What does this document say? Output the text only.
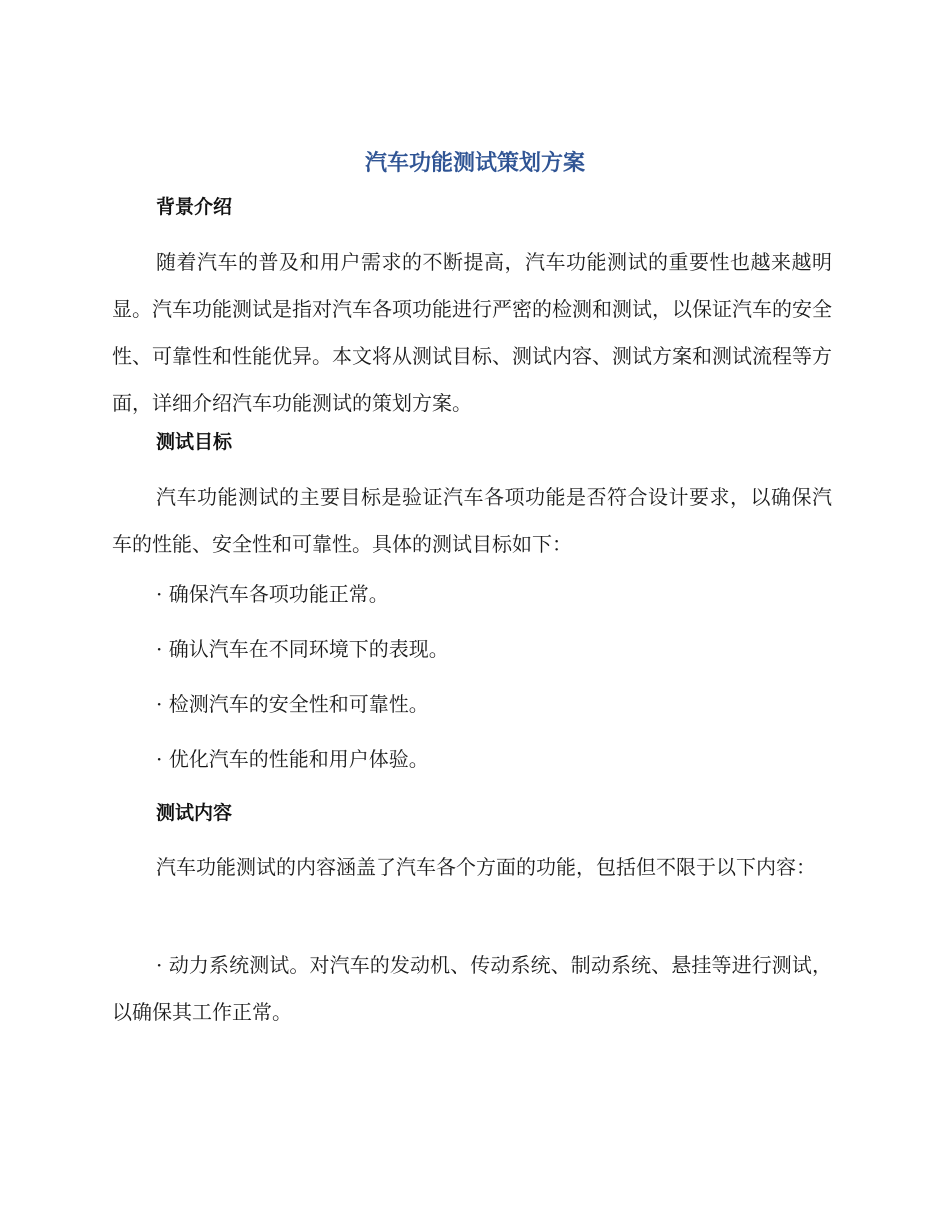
汽车功能测试策划方案
背景介绍

随着汽车的普及和用户需求的不断提高，汽车功能测试的重要性也越来越明显。汽车功能测试是指对汽车各项功能进行严密的检测和测试，以保证汽车的安全性、可靠性和性能优异。本文将从测试目标、测试内容、测试方案和测试流程等方面，详细介绍汽车功能测试的策划方案。

测试目标

汽车功能测试的主要目标是验证汽车各项功能是否符合设计要求，以确保汽车的性能、安全性和可靠性。具体的测试目标如下：

· 确保汽车各项功能正常。

· 确认汽车在不同环境下的表现。

· 检测汽车的安全性和可靠性。

· 优化汽车的性能和用户体验。

测试内容

汽车功能测试的内容涵盖了汽车各个方面的功能，包括但不限于以下内容：

· 动力系统测试。对汽车的发动机、传动系统、制动系统、悬挂等进行测试，以确保其工作正常。
